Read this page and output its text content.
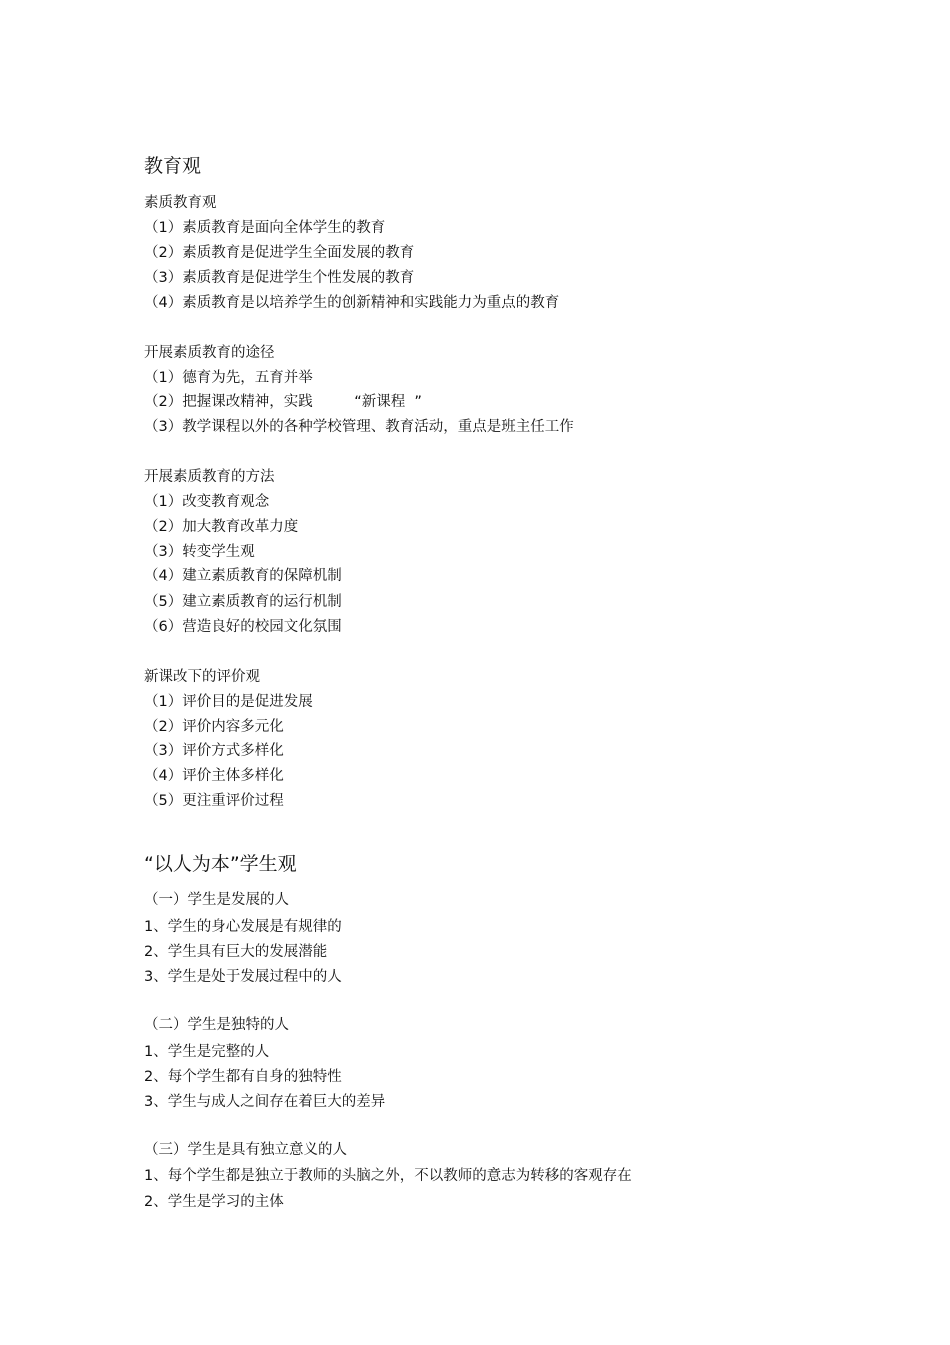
教育观
素质教育观
（1）素质教育是面向全体学生的教育
（2）素质教育是促进学生全面发展的教育
（3）素质教育是促进学生个性发展的教育
（4）素质教育是以培养学生的创新精神和实践能力为重点的教育
开展素质教育的途径
（1）德育为先，五育并举
（2）把握课改精神，实践         “新课程  ”
（3）教学课程以外的各种学校管理、教育活动，重点是班主任工作
开展素质教育的方法
（1）改变教育观念
（2）加大教育改革力度
（3）转变学生观
（4）建立素质教育的保障机制
（5）建立素质教育的运行机制
（6）营造良好的校园文化氛围
新课改下的评价观
（1）评价目的是促进发展
（2）评价内容多元化
（3）评价方式多样化
（4）评价主体多样化
（5）更注重评价过程
“以人为本”学生观
（一）学生是发展的人
1、学生的身心发展是有规律的
2、学生具有巨大的发展潜能
3、学生是处于发展过程中的人
（二）学生是独特的人
1、学生是完整的人
2、每个学生都有自身的独特性
3、学生与成人之间存在着巨大的差异
（三）学生是具有独立意义的人
1、每个学生都是独立于教师的头脑之外，不以教师的意志为转移的客观存在
2、学生是学习的主体
